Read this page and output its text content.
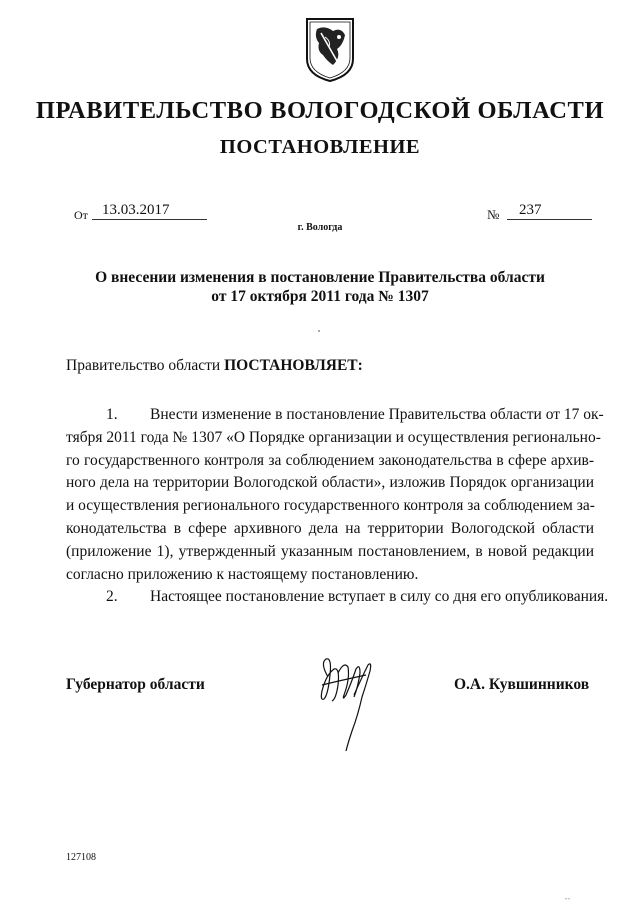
ПРАВИТЕЛЬСТВО ВОЛОГОДСКОЙ ОБЛАСТИ
ПОСТАНОВЛЕНИЕ
От 13.03.2017	№ 237
г. Вологда
О внесении изменения в постановление Правительства области
от 17 октября 2011 года № 1307
Правительство области ПОСТАНОВЛЯЕТ:
1. Внести изменение в постановление Правительства области от 17 ок-
тября 2011 года № 1307 «О Порядке организации и осуществления регионально-
го государственного контроля за соблюдением законодательства в сфере архив-
ного дела на территории Вологодской области», изложив Порядок организации
и осуществления регионального государственного контроля за соблюдением за-
конодательства в сфере архивного дела на территории Вологодской области
(приложение 1), утвержденный указанным постановлением, в новой редакции
согласно приложению к настоящему постановлению.
2. Настоящее постановление вступает в силу со дня его опубликования.
Губернатор области	О.А. Кувшинников
127108
""
